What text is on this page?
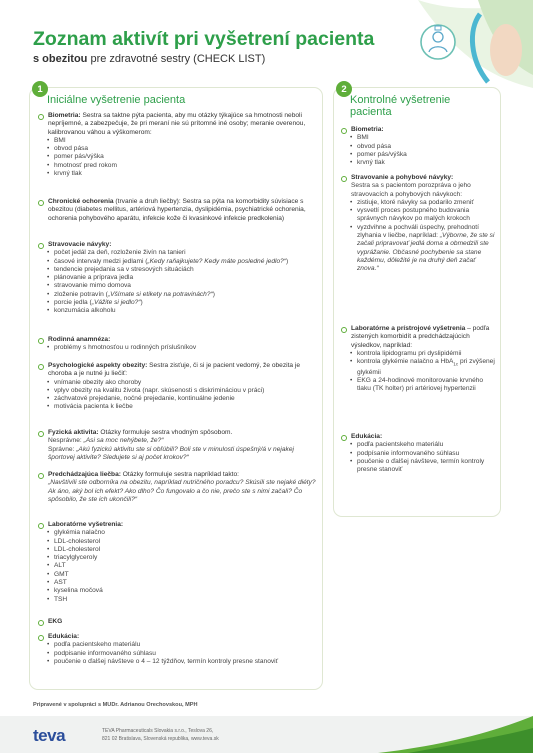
Zoznam aktivít pri vyšetrení pacienta
s obezitou pre zdravotné sestry (CHECK LIST)
1
Iniciálne vyšetrenie pacienta
Biometria: Sestra sa taktne pýta pacienta, aby mu otázky týkajúce sa hmotnosti neboli nepríjemné, a zabezpečuje, že pri meraní nie sú prítomné iné osoby; meranie overenou, kalibrovanou váhou a výškomerom:
• BMI
• obvod pása
• pomer pás/výška
• hmotnosť pred rokom
• krvný tlak
Chronické ochorenia (trvanie a druh liečby): Sestra sa pýta na komorbidity súvisiace s obezitou (diabetes mellitus, artériová hypertenzia, dyslipidémia, psychiatrické ochorenia, ochorenia pohybového aparátu, infekcie kože či kvasinkové infekcie predkolenia)
Stravovacie návyky:
• počet jedál za deň, rozloženie živín na tanieri
• časové intervaly medzi jedlami („Kedy raňajkujete? Kedy máte posledné jedlo?“)
• tendencie prejedania sa v stresových situáciách
• plánovanie a príprava jedla
• stravovanie mimo domova
• zloženie potravín („Všímate si etikety na potravinách?“)
• porcie jedla („Vážite si jedlo?“)
• konzumácia alkoholu
Rodinná anamnéza:
• problémy s hmotnosťou u rodinných príslušníkov
Psychologické aspekty obezity: Sestra zisťuje, či si je pacient vedomý, že obezita je choroba a je nutné ju liečiť:
• vnímanie obezity ako choroby
• vplyv obezity na kvalitu života (napr. skúsenosti s diskrimináciou v práci)
• záchvatové prejedanie, nočné prejedanie, kontinuálne jedenie
• motivácia pacienta k liečbe
Fyzická aktivita: Otázky formuluje sestra vhodným spôsobom.
Nesprávne: „Asi sa moc nehýbete, že?“
Správne: „Akú fyzickú aktivitu ste si obľúbili? Boli ste v minulosti úspešný/á v nejakej športovej aktivite? Sledujete si aj počet krokov?“
Predchádzajúca liečba: Otázky formuluje sestra napríklad takto:
„Navštívili ste odborníka na obezitu, napríklad nutričného poradcu? Skúsili ste nejaké diéty? Ak áno, aký bol ich efekt? Ako dlho? Čo fungovalo a čo nie, prečo ste s nimi začali? Čo spôsobilo, že ste ich ukončili?“
Laboratórne vyšetrenia:
• glykémia nalačno
• LDL-cholesterol
• LDL-cholesterol
• triacylglyceroly
• ALT
• GMT
• AST
• kyselina močová
• TSH
EKG
Edukácia:
• podľa pacientskeho materiálu
• podpisanie informovaného súhlasu
• poučenie o ďalšej návšteve o 4 – 12 týždňov, termín kontroly presne stanoviť
2
Kontrolné vyšetrenie pacienta
Biometria:
• BMI
• obvod pása
• pomer pás/výška
• krvný tlak
Stravovanie a pohybové návyky:
Sestra sa s pacientom porozpráva o jeho stravovacích a pohybových návykoch:
• zistiuje, ktoré návyky sa podarilo zmeniť
• vysvetlí proces postupného budovania správnych návykov po malých krokoch
• vyzdvihne a pochváli úspechy, prehodnotí zlyhania v liečbe, napríklad: „Výborne, že ste si začali pripravovať jedlá doma a obmedzili ste vyprážanie. Občasné pochybenie sa stane každému, dôležité je na druhý deň začať znova.“
Laboratórne a prístrojové vyšetrenia – podľa zistených komorbidít a predchádzajúcich výsledkov, napríklad:
• kontrola lipidogramu pri dyslipidémii
• kontrola glykémie nalačno a HbA$_{1c}$ pri zvýšenej glykémii
• EKG a 24-hodinové monitorovanie krvného tlaku (TK holter) pri artériovej hypertenzii
Edukácia:
• podľa pacientskeho materiálu
• podpísanie informovaného súhlasu
• poučenie o ďalšej návšteve, termín kontroly presne stanoviť
Pripravené v spolupráci s MUDr. Adrianou Orechovskou, MPH
teva	TEVA Pharmaceuticals Slovakia s.r.o., Teslova 26,
821 02 Bratislava, Slovenská republika, www.teva.sk
